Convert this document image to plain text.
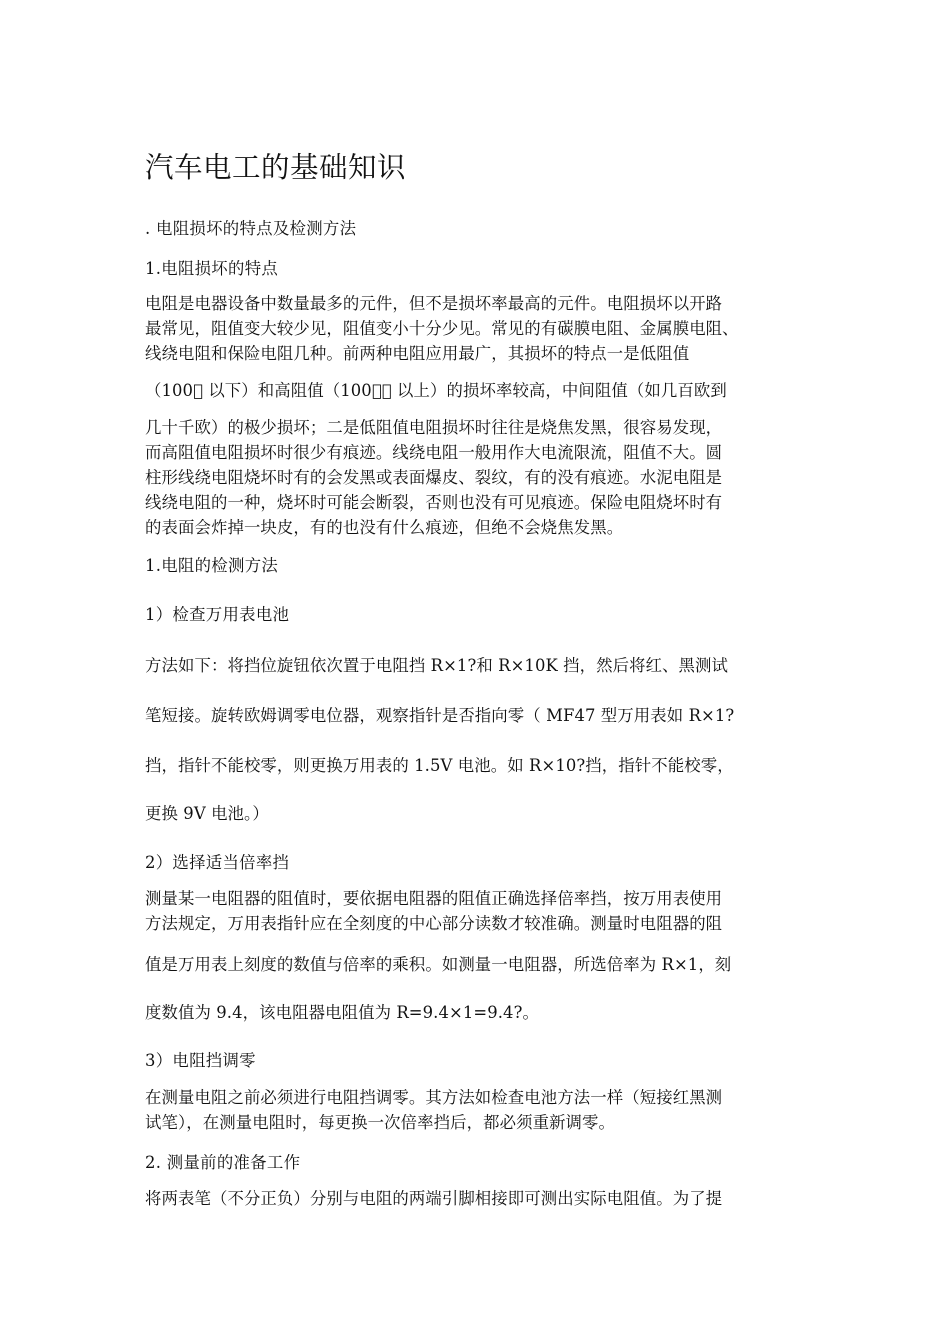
汽车电工的基础知识
. 电阻损坏的特点及检测方法
1.电阻损坏的特点
电阻是电器设备中数量最多的元件，但不是损坏率最高的元件。电阻损坏以开路
最常见，阻值变大较少见，阻值变小十分少见。常见的有碳膜电阻、金属膜电阻、
线绕电阻和保险电阻几种。前两种电阻应用最广，其损坏的特点一是低阻值
（100  以下）和高阻值（100   以上）的损坏率较高，中间阻值（如几百欧到
几十千欧）的极少损坏；二是低阻值电阻损坏时往往是烧焦发黑，很容易发现，
而高阻值电阻损坏时很少有痕迹。线绕电阻一般用作大电流限流，阻值不大。圆
柱形线绕电阻烧坏时有的会发黑或表面爆皮、裂纹，有的没有痕迹。水泥电阻是
线绕电阻的一种，烧坏时可能会断裂，否则也没有可见痕迹。保险电阻烧坏时有
的表面会炸掉一块皮，有的也没有什么痕迹，但绝不会烧焦发黑。
1.电阻的检测方法
1）检查万用表电池
方法如下：将挡位旋钮依次置于电阻挡 R×1?和 R×10K 挡，然后将红、黑测试
笔短接。旋转欧姆调零电位器，观察指针是否指向零（ MF47 型万用表如 R×1?
挡，指针不能校零，则更换万用表的 1.5V 电池。如 R×10?挡，指针不能校零，
更换 9V 电池。）
2）选择适当倍率挡
测量某一电阻器的阻值时，要依据电阻器的阻值正确选择倍率挡，按万用表使用
方法规定，万用表指针应在全刻度的中心部分读数才较准确。测量时电阻器的阻
值是万用表上刻度的数值与倍率的乘积。如测量一电阻器，所选倍率为 R×1，刻
度数值为 9.4，该电阻器电阻值为 R=9.4×1=9.4?。
3）电阻挡调零
在测量电阻之前必须进行电阻挡调零。其方法如检查电池方法一样（短接红黑测
试笔），在测量电阻时，每更换一次倍率挡后，都必须重新调零。
2. 测量前的准备工作
将两表笔（不分正负）分别与电阻的两端引脚相接即可测出实际电阻值。为了提
